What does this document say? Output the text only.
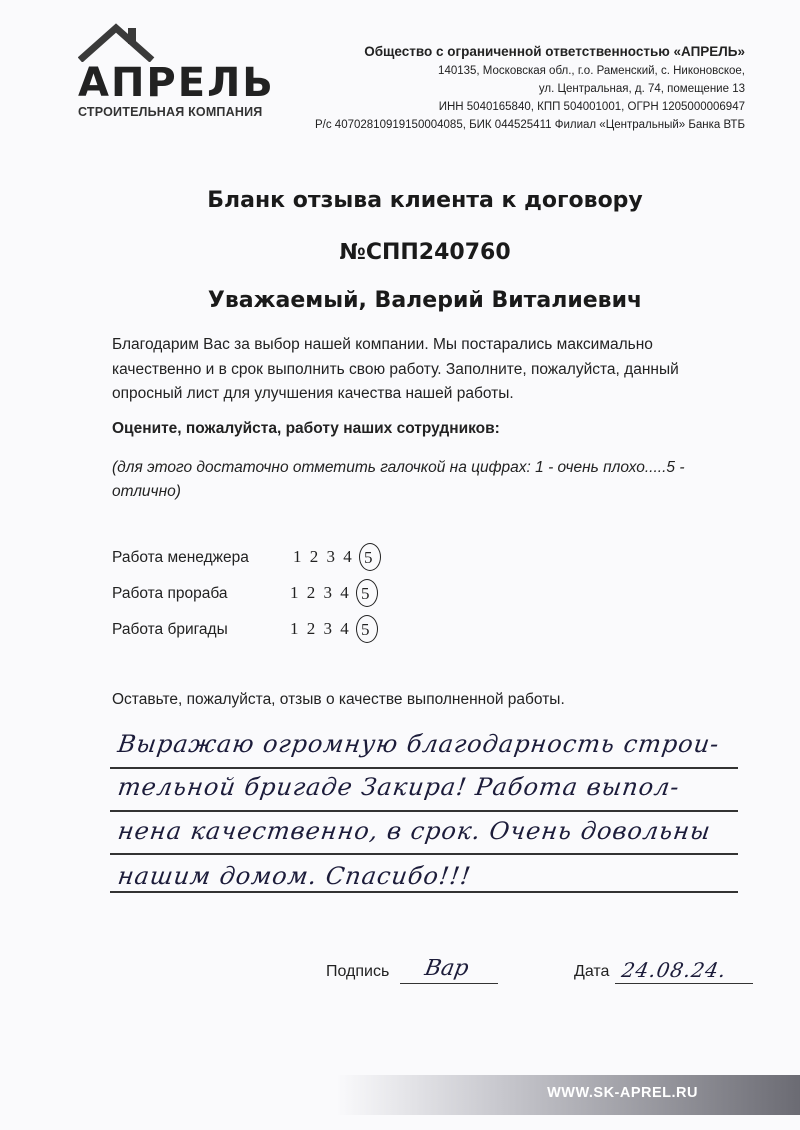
АПРЕЛЬ
СТРОИТЕЛЬНАЯ КОМПАНИЯ
Общество с ограниченной ответственностью «АПРЕЛЬ»
140135, Московская обл., г.о. Раменский, с. Никоновское,
ул. Центральная, д. 74, помещение 13
ИНН 5040165840, КПП 504001001, ОГРН 1205000006947
Р/с 40702810919150004085, БИК 044525411 Филиал «Центральный» Банка ВТБ
Бланк отзыва клиента к договору
№СПП240760
Уважаемый, Валерий Виталиевич
Благодарим Вас за выбор нашей компании. Мы постарались максимально качественно и в срок выполнить свою работу. Заполните, пожалуйста, данный опросный лист для улучшения качества нашей работы.
Оцените, пожалуйста, работу наших сотрудников:
(для этого достаточно отметить галочкой на цифрах: 1 - очень плохо.....5 - отлично)
Работа менеджера	1 2 3 4 5
Работа прораба	1 2 3 4 5
Работа бригады	1 2 3 4 5
Оставьте, пожалуйста, отзыв о качестве выполненной работы.
Выражаю огромную благодарность строи-
тельной бригаде Закира! Работа выпол-
нена качественно, в срок. Очень довольны
нашим домом. Спасибо!!!
Подпись Вар	Дата 24.08.24.
WWW.SK-APREL.RU
